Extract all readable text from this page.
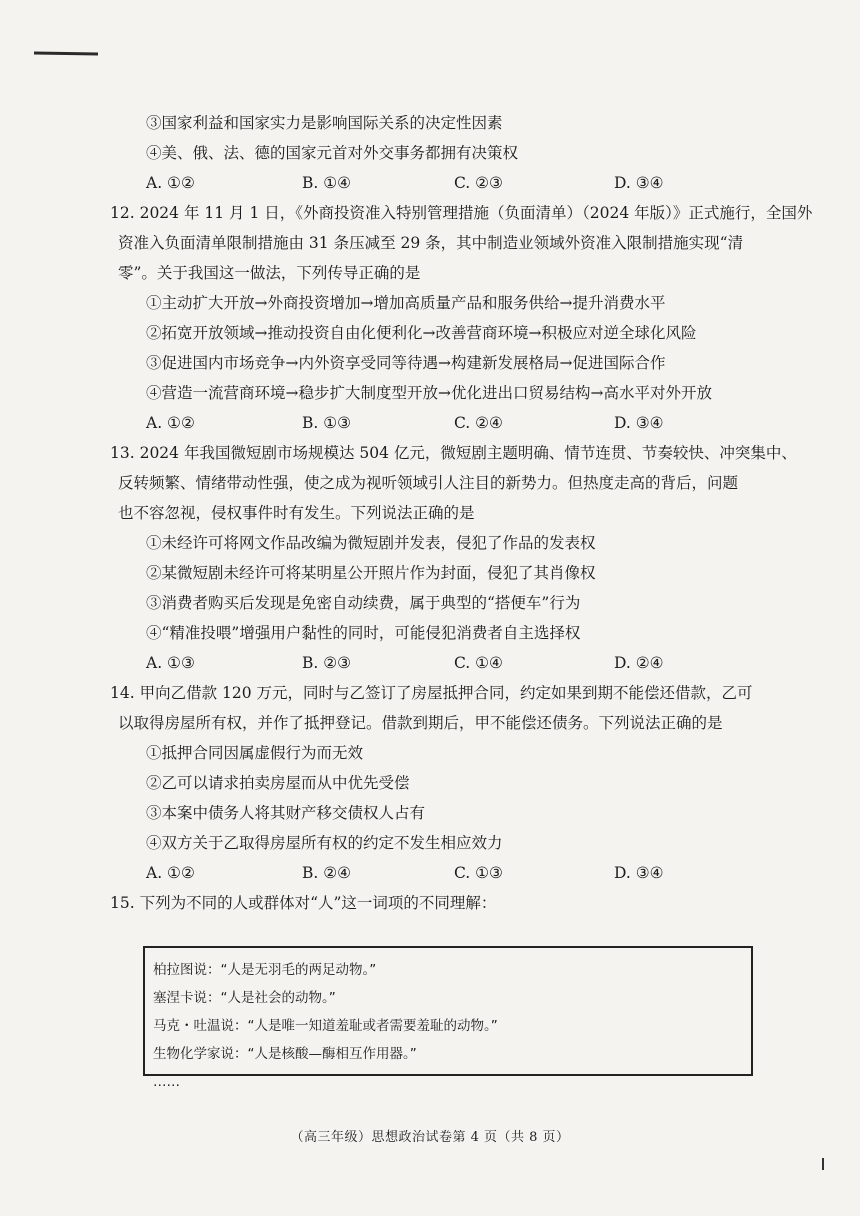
③国家利益和国家实力是影响国际关系的决定性因素
④美、俄、法、德的国家元首对外交事务都拥有决策权
A. ①②	B. ①④	C. ②③	D. ③④
12. 2024 年 11 月 1 日，《外商投资准入特别管理措施（负面清单）（2024 年版）》正式施行，全国外
资准入负面清单限制措施由 31 条压减至 29 条，其中制造业领域外资准入限制措施实现“清
零”。关于我国这一做法，下列传导正确的是
①主动扩大开放→外商投资增加→增加高质量产品和服务供给→提升消费水平
②拓宽开放领域→推动投资自由化便利化→改善营商环境→积极应对逆全球化风险
③促进国内市场竞争→内外资享受同等待遇→构建新发展格局→促进国际合作
④营造一流营商环境→稳步扩大制度型开放→优化进出口贸易结构→高水平对外开放
A. ①②	B. ①③	C. ②④	D. ③④
13. 2024 年我国微短剧市场规模达 504 亿元，微短剧主题明确、情节连贯、节奏较快、冲突集中、
反转频繁、情绪带动性强，使之成为视听领域引人注目的新势力。但热度走高的背后，问题
也不容忽视，侵权事件时有发生。下列说法正确的是
①未经许可将网文作品改编为微短剧并发表，侵犯了作品的发表权
②某微短剧未经许可将某明星公开照片作为封面，侵犯了其肖像权
③消费者购买后发现是免密自动续费，属于典型的“搭便车”行为
④“精准投喂”增强用户黏性的同时，可能侵犯消费者自主选择权
A. ①③	B. ②③	C. ①④	D. ②④
14. 甲向乙借款 120 万元，同时与乙签订了房屋抵押合同，约定如果到期不能偿还借款，乙可
以取得房屋所有权，并作了抵押登记。借款到期后，甲不能偿还债务。下列说法正确的是
①抵押合同因属虚假行为而无效
②乙可以请求拍卖房屋而从中优先受偿
③本案中债务人将其财产移交债权人占有
④双方关于乙取得房屋所有权的约定不发生相应效力
A. ①②	B. ②④	C. ①③	D. ③④
15. 下列为不同的人或群体对“人”这一词项的不同理解：
柏拉图说：“人是无羽毛的两足动物。”
塞涅卡说：“人是社会的动物。”
马克・吐温说：“人是唯一知道羞耻或者需要羞耻的动物。”
生物化学家说：“人是核酸—酶相互作用器。”
……
（高三年级）思想政治试卷第 4 页（共 8 页）
